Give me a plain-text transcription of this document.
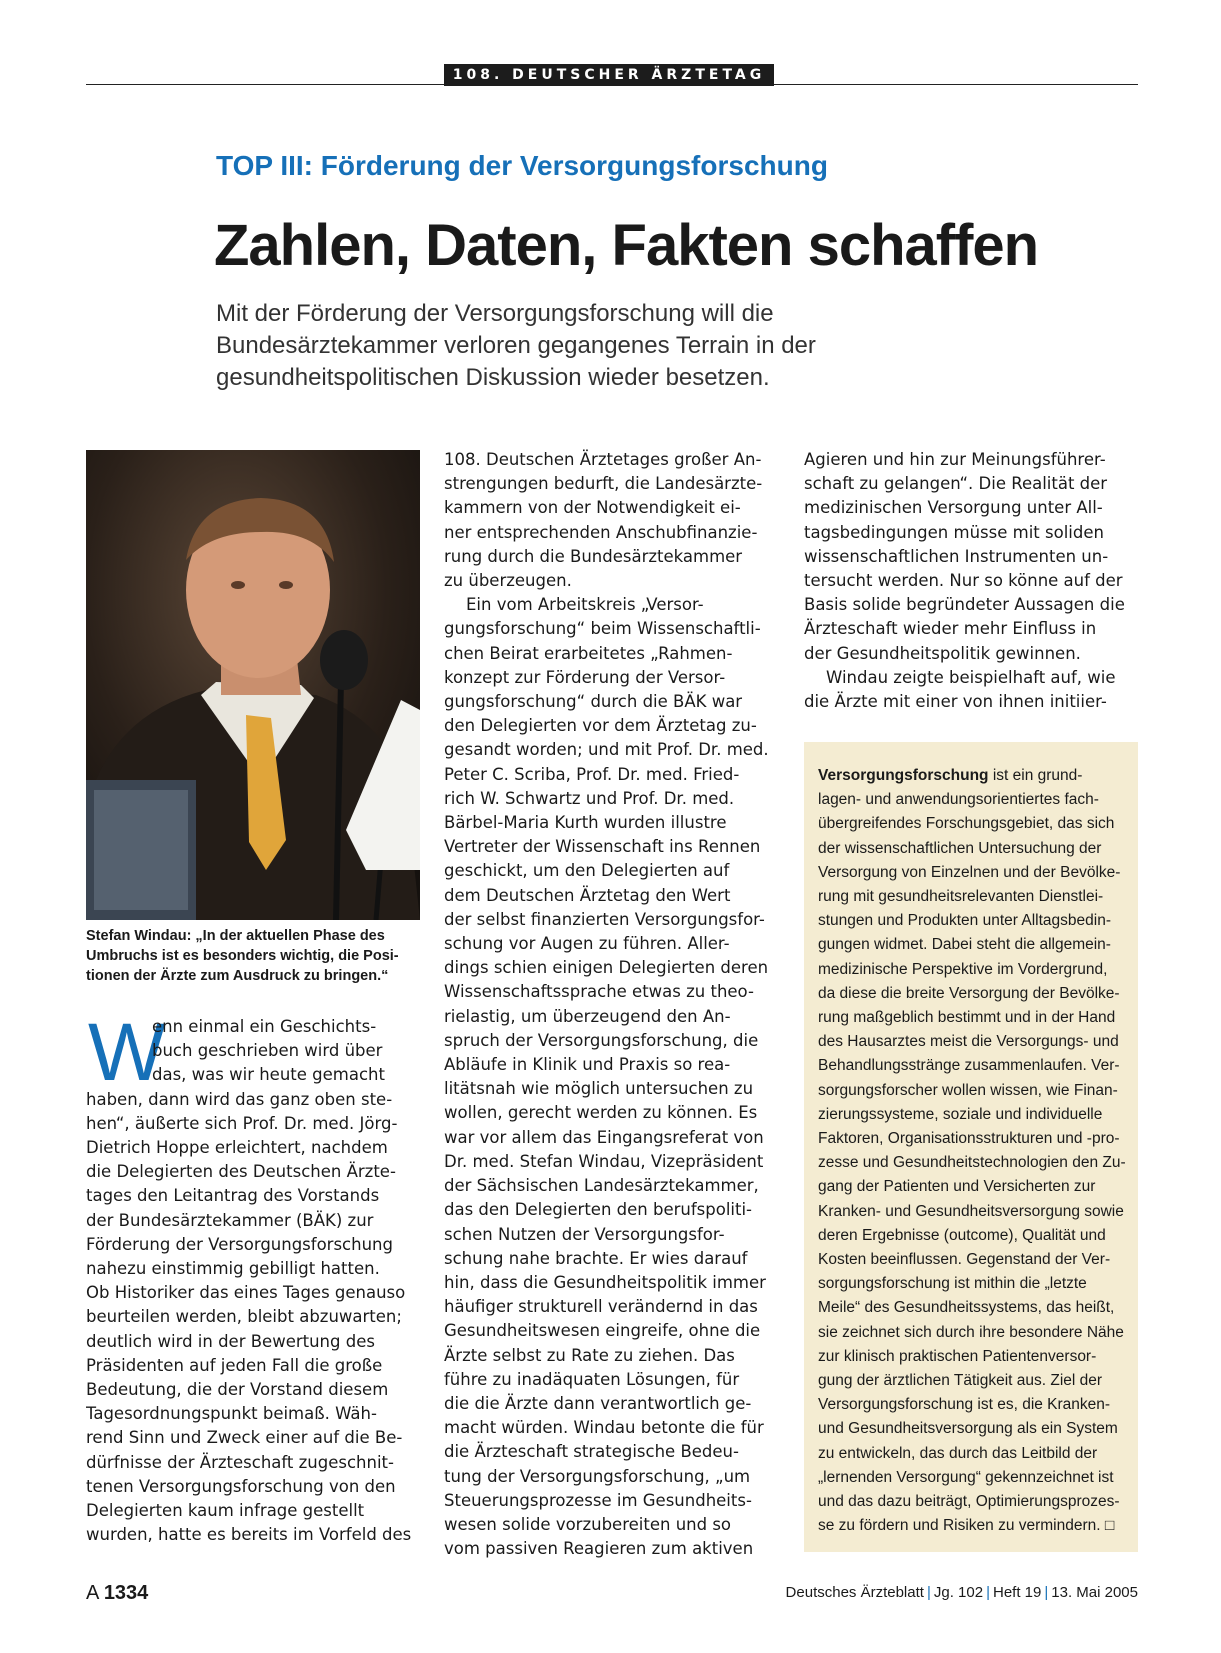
108. DEUTSCHER ÄRZTETAG
TOP III: Förderung der Versorgungsforschung
Zahlen, Daten, Fakten schaffen
Mit der Förderung der Versorgungsforschung will die
Bundesärztekammer verloren gegangenes Terrain in der
gesundheitspolitischen Diskussion wieder besetzen.
Stefan Windau: „In der aktuellen Phase des
Umbruchs ist es besonders wichtig, die Posi-
tionen der Ärzte zum Ausdruck zu bringen.“
W
enn einmal ein Geschichts-
buch geschrieben wird über
das, was wir heute gemacht
haben, dann wird das ganz oben ste-
hen“, äußerte sich Prof. Dr. med. Jörg-
Dietrich Hoppe erleichtert, nachdem
die Delegierten des Deutschen Ärzte-
tages den Leitantrag des Vorstands
der Bundesärztekammer (BÄK) zur
Förderung der Versorgungsforschung
nahezu einstimmig gebilligt hatten.
Ob Historiker das eines Tages genauso
beurteilen werden, bleibt abzuwarten;
deutlich wird in der Bewertung des
Präsidenten auf jeden Fall die große
Bedeutung, die der Vorstand diesem
Tagesordnungspunkt beimaß. Wäh-
rend Sinn und Zweck einer auf die Be-
dürfnisse der Ärzteschaft zugeschnit-
tenen Versorgungsforschung von den
Delegierten kaum infrage gestellt
wurden, hatte es bereits im Vorfeld des
108. Deutschen Ärztetages großer An-
strengungen bedurft, die Landesärzte-
kammern von der Notwendigkeit ei-
ner entsprechenden Anschubfinanzie-
rung durch die Bundesärztekammer
zu überzeugen.
Ein vom Arbeitskreis „Versor-
gungsforschung“ beim Wissenschaftli-
chen Beirat erarbeitetes „Rahmen-
konzept zur Förderung der Versor-
gungsforschung“ durch die BÄK war
den Delegierten vor dem Ärztetag zu-
gesandt worden; und mit Prof. Dr. med.
Peter C. Scriba, Prof. Dr. med. Fried-
rich W. Schwartz und Prof. Dr. med.
Bärbel-Maria Kurth wurden illustre
Vertreter der Wissenschaft ins Rennen
geschickt, um den Delegierten auf
dem Deutschen Ärztetag den Wert
der selbst finanzierten Versorgungsfor-
schung vor Augen zu führen. Aller-
dings schien einigen Delegierten deren
Wissenschaftssprache etwas zu theo-
rielastig, um überzeugend den An-
spruch der Versorgungsforschung, die
Abläufe in Klinik und Praxis so rea-
litätsnah wie möglich untersuchen zu
wollen, gerecht werden zu können. Es
war vor allem das Eingangsreferat von
Dr. med. Stefan Windau, Vizepräsident
der Sächsischen Landesärztekammer,
das den Delegierten den berufspoliti-
schen Nutzen der Versorgungsfor-
schung nahe brachte. Er wies darauf
hin, dass die Gesundheitspolitik immer
häufiger strukturell verändernd in das
Gesundheitswesen eingreife, ohne die
Ärzte selbst zu Rate zu ziehen. Das
führe zu inadäquaten Lösungen, für
die die Ärzte dann verantwortlich ge-
macht würden. Windau betonte die für
die Ärzteschaft strategische Bedeu-
tung der Versorgungsforschung, „um
Steuerungsprozesse im Gesundheits-
wesen solide vorzubereiten und so
vom passiven Reagieren zum aktiven
Agieren und hin zur Meinungsführer-
schaft zu gelangen“. Die Realität der
medizinischen Versorgung unter All-
tagsbedingungen müsse mit soliden
wissenschaftlichen Instrumenten un-
tersucht werden. Nur so könne auf der
Basis solide begründeter Aussagen die
Ärzteschaft wieder mehr Einfluss in
der Gesundheitspolitik gewinnen.
Windau zeigte beispielhaft auf, wie
die Ärzte mit einer von ihnen initiier-
Versorgungsforschung ist ein grund-
lagen- und anwendungsorientiertes fach-
übergreifendes Forschungsgebiet, das sich
der wissenschaftlichen Untersuchung der
Versorgung von Einzelnen und der Bevölke-
rung mit gesundheitsrelevanten Dienstlei-
stungen und Produkten unter Alltagsbedin-
gungen widmet. Dabei steht die allgemein-
medizinische Perspektive im Vordergrund,
da diese die breite Versorgung der Bevölke-
rung maßgeblich bestimmt und in der Hand
des Hausarztes meist die Versorgungs- und
Behandlungsstränge zusammenlaufen. Ver-
sorgungsforscher wollen wissen, wie Finan-
zierungssysteme, soziale und individuelle
Faktoren, Organisationsstrukturen und -pro-
zesse und Gesundheitstechnologien den Zu-
gang der Patienten und Versicherten zur
Kranken- und Gesundheitsversorgung sowie
deren Ergebnisse (outcome), Qualität und
Kosten beeinflussen. Gegenstand der Ver-
sorgungsforschung ist mithin die „letzte
Meile“ des Gesundheitssystems, das heißt,
sie zeichnet sich durch ihre besondere Nähe
zur klinisch praktischen Patientenversor-
gung der ärztlichen Tätigkeit aus. Ziel der
Versorgungsforschung ist es, die Kranken-
und Gesundheitsversorgung als ein System
zu entwickeln, das durch das Leitbild der
„lernenden Versorgung“ gekennzeichnet ist
und das dazu beiträgt, Optimierungsprozes-
se zu fördern und Risiken zu vermindern. □
A 1334	Deutsches Ärzteblatt | Jg. 102 | Heft 19 | 13. Mai 2005
